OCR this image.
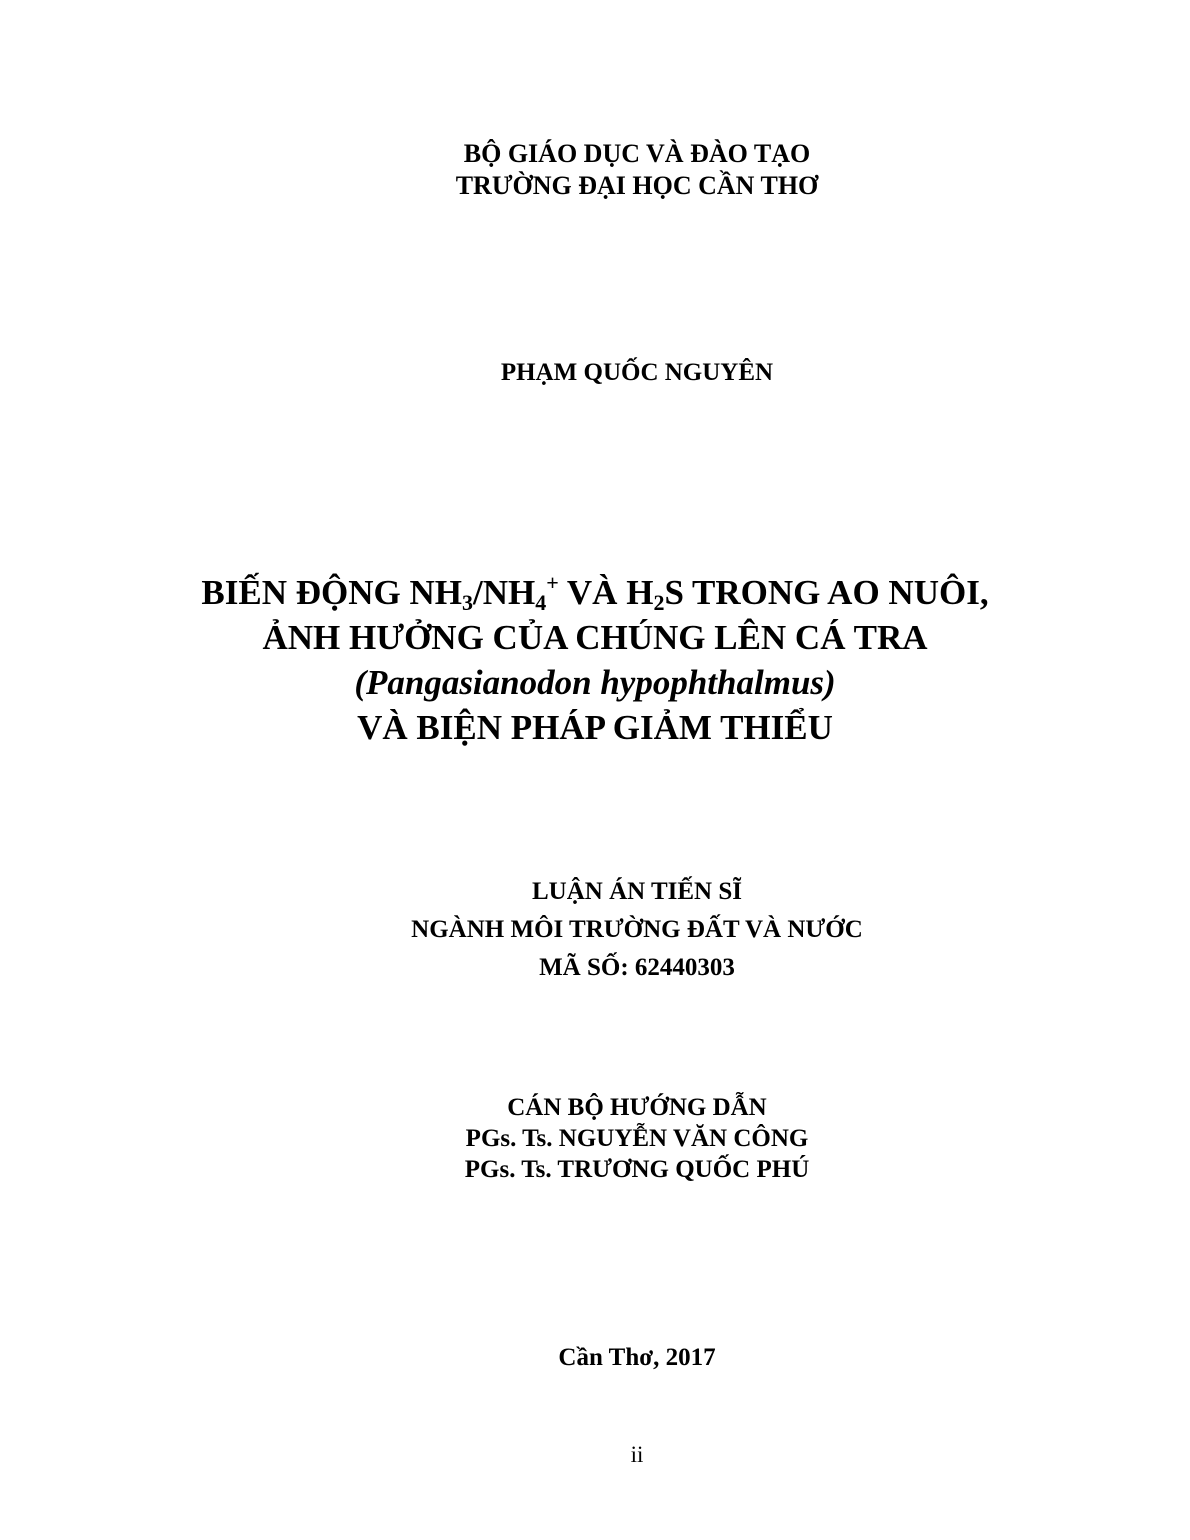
BỘ GIÁO DỤC VÀ ĐÀO TẠO
TRƯỜNG ĐẠI HỌC CẦN THƠ
PHẠM QUỐC NGUYÊN
BIẾN ĐỘNG $NH_3/NH_4^+$ VÀ $H_2S$ TRONG AO NUÔI,
ẢNH HƯỞNG CỦA CHÚNG LÊN CÁ TRA
(Pangasianodon hypophthalmus)
VÀ BIỆN PHÁP GIẢM THIỂU
LUẬN ÁN TIẾN SĨ
NGÀNH MÔI TRƯỜNG ĐẤT VÀ NƯỚC
MÃ SỐ: 62440303
CÁN BỘ HƯỚNG DẪN
PGs. Ts. NGUYỄN VĂN CÔNG
PGs. Ts. TRƯƠNG QUỐC PHÚ
Cần Thơ, 2017
ii
